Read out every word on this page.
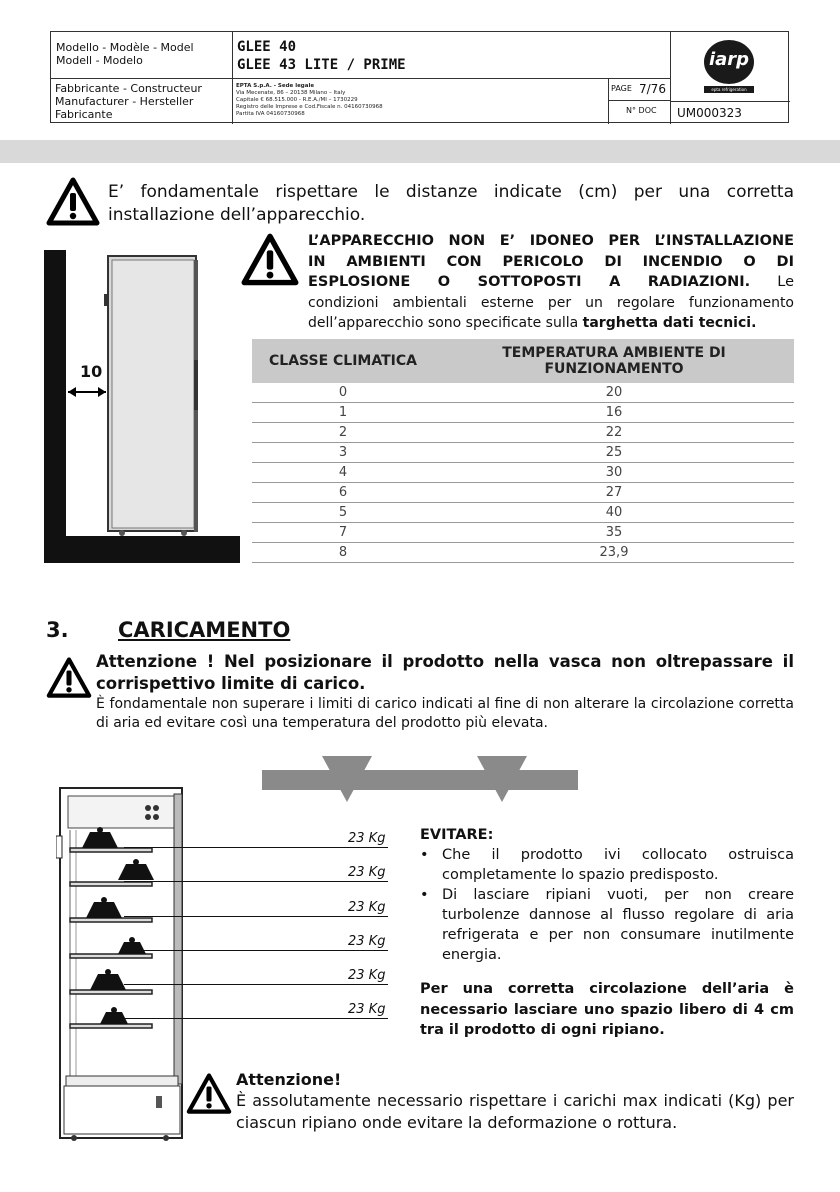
Modello - Modèle - Model
Modell - Modelo
GLEE 40
GLEE 43 LITE / PRIME
Fabbricante - Constructeur
Manufacturer - Hersteller
Fabricante
EPTA S.p.A. - Sede legale
Via Mecenate, 86 – 20138 Milano – Italy
Capitale € 68.515.000 - R.E.A./MI – 1730229
Registro delle Imprese e Cod.Fiscale n. 04160730968
Partita IVA 04160730968
PAGE 7/76
N° DOC UM000323
iarp
epta refrigeration
E’ fondamentale rispettare le distanze indicate (cm) per una corretta installazione dell’apparecchio.
10
L’APPARECCHIO NON E’ IDONEO PER L’INSTALLAZIONE
IN AMBIENTI CON PERICOLO DI INCENDIO O DI
ESPLOSIONE O SOTTOPOSTI A RADIAZIONI. Le
condizioni ambientali esterne per un regolare funzionamento
dell’apparecchio sono specificate sulla targhetta dati tecnici.
CLASSE CLIMATICA	TEMPERATURA AMBIENTE DI FUNZIONAMENTO
0	20
1	16
2	22
3	25
4	30
6	27
5	40
7	35
8	23,9
3. CARICAMENTO
Attenzione ! Nel posizionare il prodotto nella vasca non oltrepassare il corrispettivo limite di carico.
È fondamentale non superare i limiti di carico indicati al fine di non alterare la circolazione corretta di aria ed evitare così una temperatura del prodotto più elevata.
23 Kg
23 Kg
23 Kg
23 Kg
23 Kg
23 Kg
EVITARE:
• Che il prodotto ivi collocato ostruisca completamente lo spazio predisposto.
• Di lasciare ripiani vuoti, per non creare turbolenze dannose al flusso regolare di aria refrigerata e per non consumare inutilmente energia.
Per una corretta circolazione dell’aria è necessario lasciare uno spazio libero di 4 cm tra il prodotto di ogni ripiano.
Attenzione!
È assolutamente necessario rispettare i carichi max indicati (Kg) per ciascun ripiano onde evitare la deformazione o rottura.
